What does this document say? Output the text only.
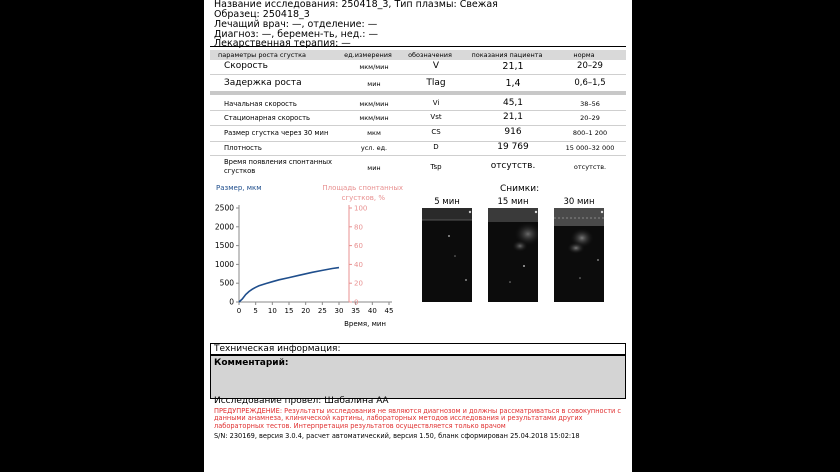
Название исследования: 250418_3, Тип плазмы: Свежая
Образец: 250418_3
Лечащий врач: —, отделение: —
Диагноз: —, беремен-ть, нед.: —
Лекарственная терапия: —
параметры роста сгустка	ед.измерения	обозначения	показания пациента	норма
Скорость	мкм/мин	V	21,1	20–29
Задержка роста	мин	Tlag	1,4	0,6–1,5
Начальная скорость	мкм/мин	Vi	45,1	38–56
Стационарная скорость	мкм/мин	Vst	21,1	20–29
Размер сгустка через 30 мин	мкм	CS	916	800–1 200
Плотность	усл. ед.	D	19 769	15 000–32 000
Время появления спонтанных
сгустков	мин	Tsp	отсутств.	отсутств.
Размер, мкм	Площадь спонтанных
сгустков, %
Время, мин
0
500
1000
1500
2000
2500
0 5 10 15 20 25 30 35 40 45
0
20
40
60
80
100
Снимки:
5 мин	15 мин	30 мин
Техническая информация:
Комментарий:
Исследование провел: Шабалина АА
ПРЕДУПРЕЖДЕНИЕ: Результаты исследования не являются диагнозом и должны рассматриваться в совокупности с данными анамнеза, клинической картины, лабораторных методов исследования и результатами других лабораторных тестов. Интерпретация результатов осуществляется только врачом
S/N: 230169, версия 3.0.4, расчет автоматический, версия 1.50, бланк сформирован 25.04.2018 15:02:18
